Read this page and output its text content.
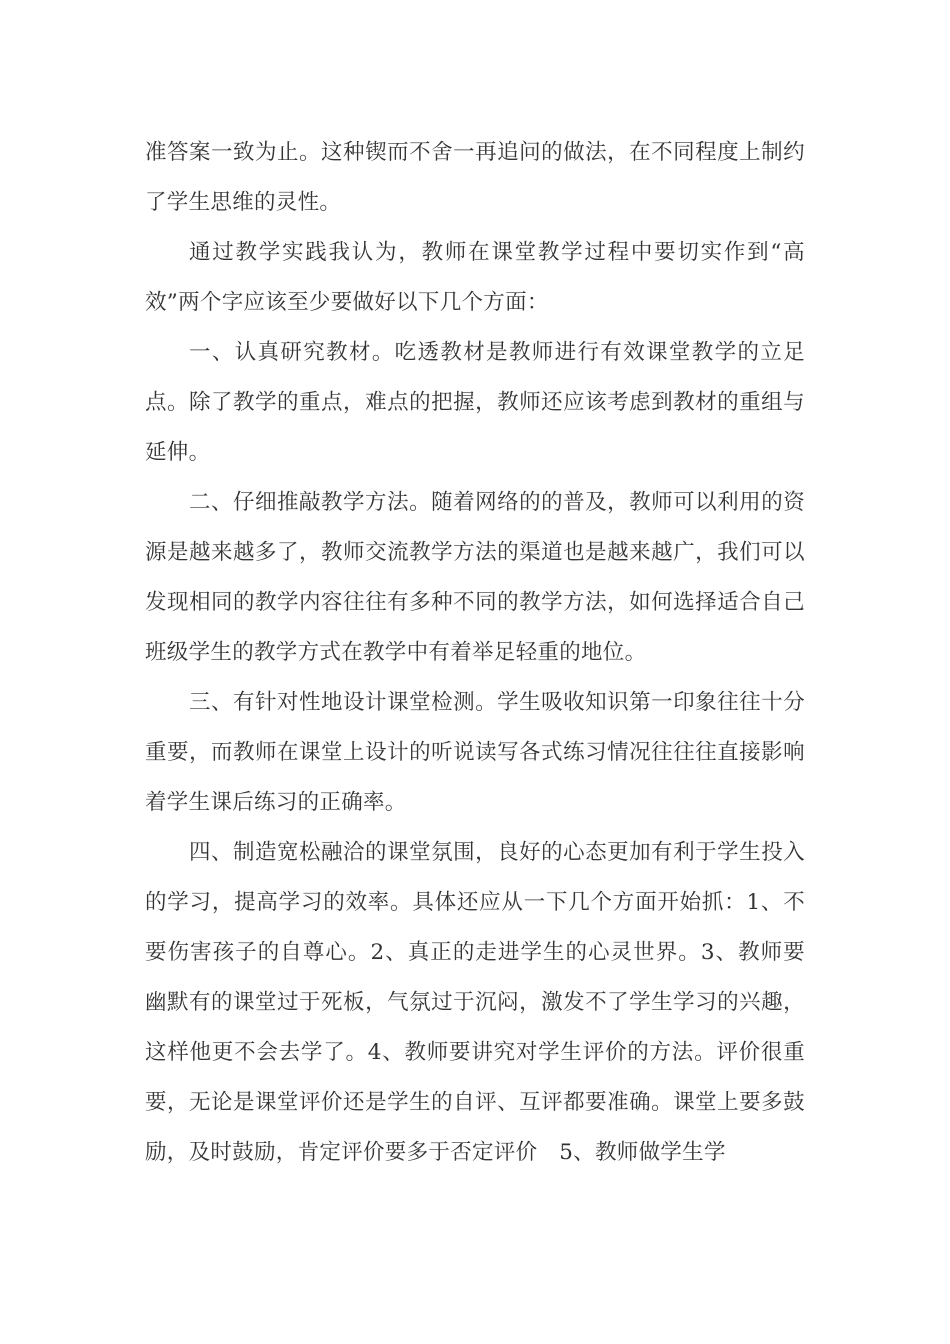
准答案一致为止。这种锲而不舍一再追问的做法，在不同程度上制约了学生思维的灵性。

通过教学实践我认为，教师在课堂教学过程中要切实作到“高效”两个字应该至少要做好以下几个方面：

一、认真研究教材。吃透教材是教师进行有效课堂教学的立足点。除了教学的重点，难点的把握，教师还应该考虑到教材的重组与延伸。

二、仔细推敲教学方法。随着网络的的普及，教师可以利用的资源是越来越多了，教师交流教学方法的渠道也是越来越广，我们可以发现相同的教学内容往往有多种不同的教学方法，如何选择适合自己班级学生的教学方式在教学中有着举足轻重的地位。

三、有针对性地设计课堂检测。学生吸收知识第一印象往往十分重要，而教师在课堂上设计的听说读写各式练习情况往往往直接影响着学生课后练习的正确率。

四、制造宽松融洽的课堂氛围，良好的心态更加有利于学生投入的学习，提高学习的效率。具体还应从一下几个方面开始抓：1、不要伤害孩子的自尊心。2、真正的走进学生的心灵世界。3、教师要幽默有的课堂过于死板，气氛过于沉闷，激发不了学生学习的兴趣，这样他更不会去学了。4、教师要讲究对学生评价的方法。评价很重要，无论是课堂评价还是学生的自评、互评都要准确。课堂上要多鼓励，及时鼓励，肯定评价要多于否定评价　5、教师做学生学
